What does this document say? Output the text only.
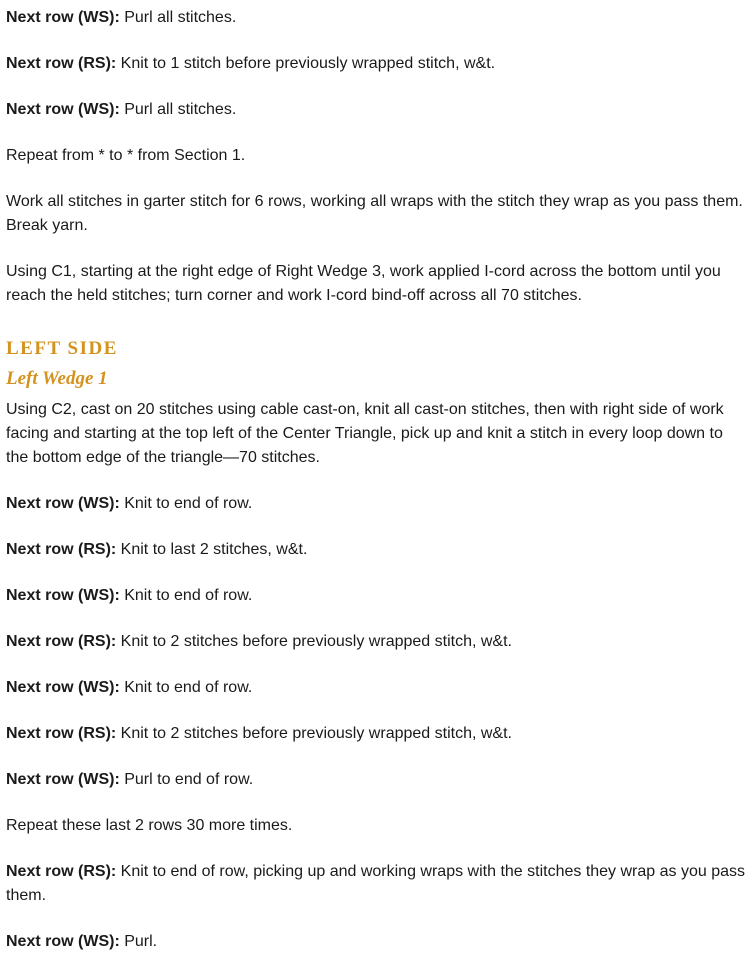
Next row (WS): Purl all stitches.

Next row (RS): Knit to 1 stitch before previously wrapped stitch, w&t.

Next row (WS): Purl all stitches.

Repeat from * to * from Section 1.

Work all stitches in garter stitch for 6 rows, working all wraps with the stitch they wrap as you pass them. Break yarn.

Using C1, starting at the right edge of Right Wedge 3, work applied I-cord across the bottom until you reach the held stitches; turn corner and work I-cord bind-off across all 70 stitches.

LEFT SIDE
Left Wedge 1

Using C2, cast on 20 stitches using cable cast-on, knit all cast-on stitches, then with right side of work facing and starting at the top left of the Center Triangle, pick up and knit a stitch in every loop down to the bottom edge of the triangle—70 stitches.

Next row (WS): Knit to end of row.

Next row (RS): Knit to last 2 stitches, w&t.

Next row (WS): Knit to end of row.

Next row (RS): Knit to 2 stitches before previously wrapped stitch, w&t.

Next row (WS): Knit to end of row.

Next row (RS): Knit to 2 stitches before previously wrapped stitch, w&t.

Next row (WS): Purl to end of row.

Repeat these last 2 rows 30 more times.

Next row (RS): Knit to end of row, picking up and working wraps with the stitches they wrap as you pass them.

Next row (WS): Purl.
